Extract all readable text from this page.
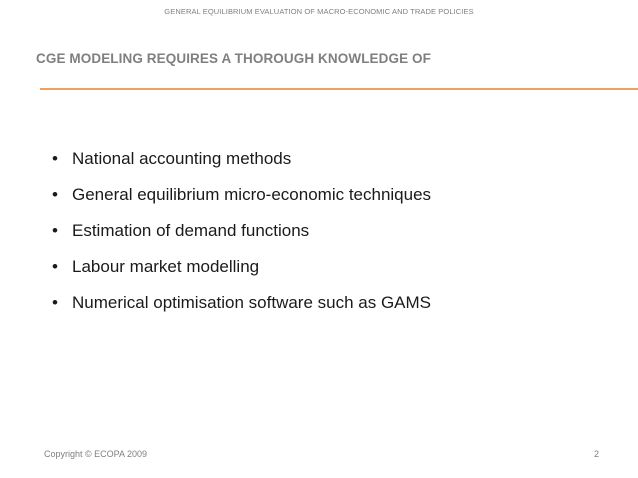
GENERAL EQUILIBRIUM EVALUATION OF MACRO-ECONOMIC AND TRADE POLICIES
CGE MODELING REQUIRES A THOROUGH KNOWLEDGE OF
• National accounting methods
• General equilibrium micro-economic techniques
• Estimation of demand functions
• Labour market modelling
• Numerical optimisation software such as GAMS
Copyright © ECOPA 2009	2
